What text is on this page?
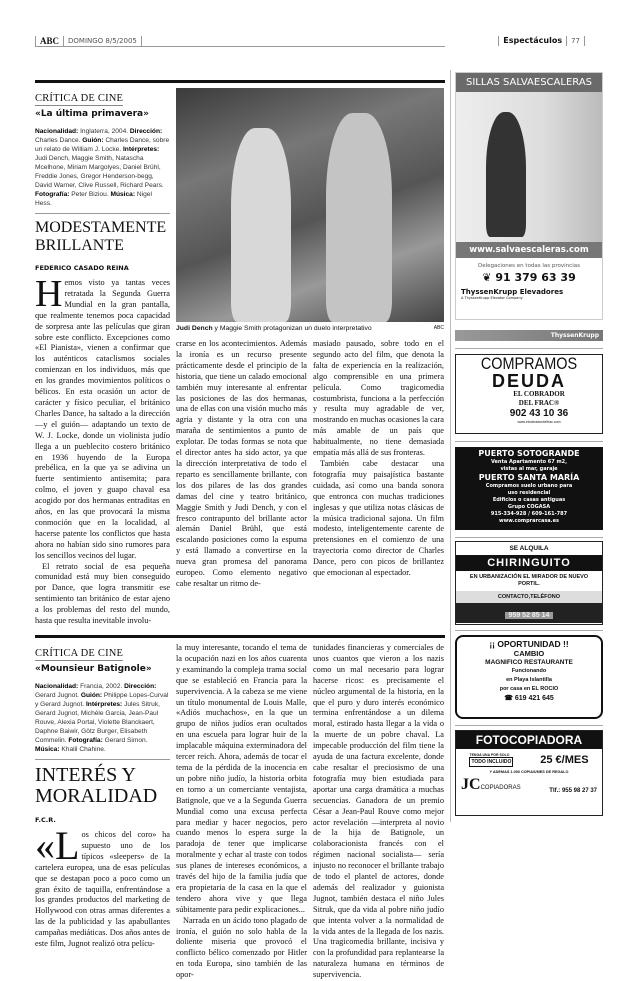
ABC	DOMINGO 8/5/2005	Espectáculos	77
CRÍTICA DE CINE
«La última primavera»
Nacionalidad: Inglaterra, 2004. Dirección: Charles Dance. Guión: Charles Dance, sobre un relato de William J. Locke. Intérpretes: Judi Dench, Maggie Smith, Natascha Mcelhone, Miriam Margolyes, Daniel Brühl, Freddie Jones, Gregor Henderson-begg, David Warner, Clive Russell, Richard Pears. Fotografía: Peter Biziou. Música: Nigel Hess.
MODESTAMENTE BRILLANTE
FEDERICO CASADO REINA
H emos visto ya tantas veces retratada la Segunda Guerra Mundial en la gran pantalla, que realmente tenemos poca capacidad de sorpresa ante las películas que giran sobre este conflicto. Excepciones como «El Pianista», vienen a confirmar que los auténticos cataclismos sociales comienzan en los individuos, más que en los grandes movimientos políticos o bélicos. En esta ocasión un actor de carácter y físico peculiar, el británico Charles Dance, ha saltado a la dirección —y el guión— adaptando un texto de W. J. Locke, donde un violinista judío llega a un pueblecito costero británico en 1936 huyendo de la Europa prebélica, en la que ya se adivina un fuerte sentimiento antisemita; para colmo, el joven y guapo chaval esa acogido por dos hermanas entraditas en años, en las que provocará la misma conmoción que en la localidad, al hacerse patente los conflictos que hasta ahora no habían sido sino rumores para los sencillos vecinos del lugar.

El retrato social de esa pequeña comunidad está muy bien conseguido por Dance, que logra transmitir ese sentimiento tan británico de estar ajeno a los problemas del resto del mundo, hasta que resulta inevitable involu-

Judi Dench y Maggie Smith protagonizan un duelo interpretativo	ABC

crarse en los acontecimientos. Además la ironía es un recurso presente prácticamente desde el principio de la historia, que tiene un calado emocional también muy interesante al enfrentar las posiciones de las dos hermanas, una de ellas con una visión mucho más agria y distante y la otra con una maraña de sentimientos a punto de explotar. De todas formas se nota que el director antes ha sido actor, ya que la dirección interpretativa de todo el reparto es sencillamente brillante, con los dos pilares de las dos grandes damas del cine y teatro británico, Maggie Smith y Judi Dench, y con el fresco contrapunto del brillante actor alemán Daniel Brühl, que está escalando posiciones como la espuma y está llamado a convertirse en la nueva gran promesa del panorama europeo. Como elemento negativo cabe resaltar un ritmo de-

masiado pausado, sobre todo en el segundo acto del film, que denota la falta de experiencia en la realización, algo comprensible en una primera película. Como tragicomedia costumbrista, funciona a la perfección y resulta muy agradable de ver, mostrando en muchas ocasiones la cara más amable de un país que habitualmente, no tiene demasiada empatía más allá de sus fronteras.

También cabe destacar una fotografía muy paisajística bastante cuidada, así como una banda sonora que entronca con muchas tradiciones inglesas y que utiliza notas clásicas de la música tradicional sajona. Un film modesto, inteligentemente carente de pretensiones en el comienzo de una trayectoria como director de Charles Dance, pero con picos de brillantez que emocionan al espectador.

CRÍTICA DE CINE
«Mounsieur Batignole»
Nacionalidad: Francia, 2002. Dirección: Gerard Jugnot. Guión: Philippe Lopes-Curval y Gerard Jugnot. Intérpretes: Jules Sitruk, Gerard Jugnot, Michèle Garcia, Jean-Paul Rouve, Alexia Portal, Violette Blanckaert, Daphne Baiwir, Götz Burger, Elisabeth Commelin. Fotografía: Gerard Simon. Música: Khalil Chahine.
INTERÉS Y MORALIDAD
F.C.R.
«L os chicos del coro» ha supuesto uno de los típicos «sleepers» de la cartelera europea, una de esas películas que se destapan poco a poco como un gran éxito de taquilla, enfrentándose a los grandes productos del marketing de Hollywood con otras armas diferentes a las de la publicidad y las apabullantes campañas mediáticas. Dos años antes de este film, Jugnot realizó otra pelícu-

la muy interesante, tocando el tema de la ocupación nazi en los años cuarenta y examinando la compleja trama social que se estableció en Francia para la supervivencia. A la cabeza se me viene un título monumental de Louis Malle, «Adiós muchachos», en la que un grupo de niños judíos eran ocultados en una escuela para lograr huir de la implacable máquina exterminadora del tercer reich. Ahora, además de tocar el tema de la pérdida de la inocencia en un pobre niño judío, la historia orbita en torno a un comerciante ventajista, Batignole, que ve a la Segunda Guerra Mundial como una excusa perfecta para mediar y hacer negocios, pero cuando menos lo espera surge la paradoja de tener que implicarse moralmente y echar al traste con todos sus planes de intereses económicos, a través del hijo de la familia judía que era propietaria de la casa en la que el tendero ahora vive y que llega súbitamente para pedir explicaciones...

Narrada en un ácido tono plagado de ironía, el guión no solo habla de la doliente miseria que provocó el conflicto bélico comenzado por Hitler en toda Europa, sino también de las opor-

tunidades financieras y comerciales de unos cuantos que vieron a los nazis como un mal necesario para lograr hacerse ricos: es precisamente el núcleo argumental de la historia, en la que el puro y duro interés económico termina enfrentándose a un dilema moral, estirado hasta llegar a la vida o la muerte de un pobre chaval. La impecable producción del film tiene la ayuda de una factura excelente, donde cabe resaltar el preciosismo de una fotografía muy bien estudiada para aportar una carga dramática a muchas secuencias. Ganadora de un premio César a Jean-Paul Rouve como mejor actor revelación —interpreta al novio de la hija de Batignole, un colaboracionista francés con el régimen nacional socialista— sería injusto no reconocer el brillante trabajo de todo el plantel de actores, donde además del realizador y guionista Jugnot, también destaca el niño Jules Sitruk, que da vida al pobre niño judío que intenta volver a la normalidad de la vida antes de la llegada de los nazis. Una tragicomedia brillante, incisiva y con la profundidad para replantearse la naturaleza humana en términos de supervivencia.

SILLAS SALVAESCALERAS
www.salvaescaleras.com
Delegaciones en todas las provincias
❦ 91 379 63 39
ThyssenKrupp Elevadores
A ThyssenKrupp Elevator Company
ThyssenKrupp
COMPRAMOS
DEUDA
EL COBRADOR
DEL FRAC®
902 43 10 36
www.elcobradordelfrac.com
PUERTO SOTOGRANDE
Venta Apartamento 67 m2,
vistas al mar, garaje
PUERTO SANTA MARÍA
Compramos suelo urbano para
uso residencial
Edificios o casas antiguas
Grupo COGASA
915-334-928 / 609-161-787
www.comprarcasa.es
SE ALQUILA
CHIRINGUITO
EN URBANIZACIÓN EL MIRADOR DE NUEVO PORTIL.
CONTACTO,TELÉFONO
959 52 85 14
¡¡ OPORTUNIDAD !!
CAMBIO
MAGNIFICO RESTAURANTE
Funcionando
en Playa Islantilla
por casa en EL ROCIO
☎ 619 421 645
FOTOCOPIADORA
TENGA UNA POR SOLO
TODO INCLUIDO	25 €/MES
Y ADEMAS 1.000 COPIAS/MES DE REGALO
JCCOPIADORAS	Tlf.: 955 98 27 37
